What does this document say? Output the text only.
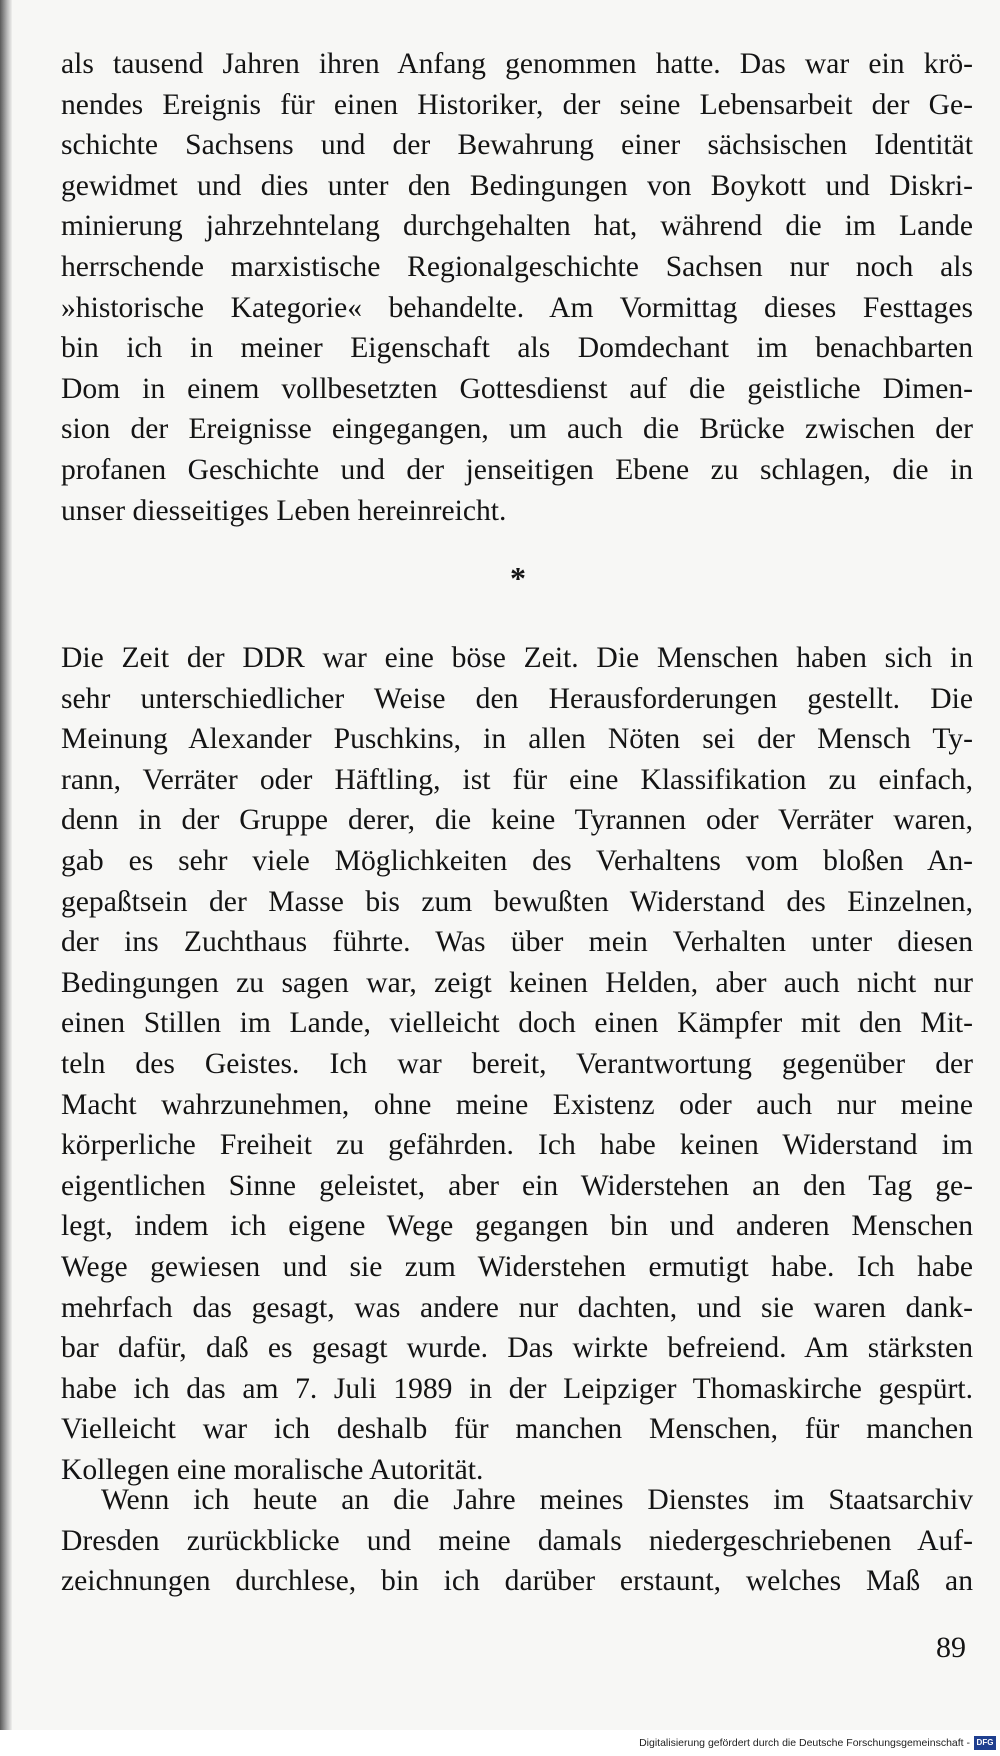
als tausend Jahren ihren Anfang genommen hatte. Das war ein krö-
nendes Ereignis für einen Historiker, der seine Lebensarbeit der Ge-
schichte Sachsens und der Bewahrung einer sächsischen Identität
gewidmet und dies unter den Bedingungen von Boykott und Diskri-
minierung jahrzehntelang durchgehalten hat, während die im Lande
herrschende marxistische Regionalgeschichte Sachsen nur noch als
»historische Kategorie« behandelte. Am Vormittag dieses Festtages
bin ich in meiner Eigenschaft als Domdechant im benachbarten
Dom in einem vollbesetzten Gottesdienst auf die geistliche Dimen-
sion der Ereignisse eingegangen, um auch die Brücke zwischen der
profanen Geschichte und der jenseitigen Ebene zu schlagen, die in
unser diesseitiges Leben hereinreicht.
*
Die Zeit der DDR war eine böse Zeit. Die Menschen haben sich in
sehr unterschiedlicher Weise den Herausforderungen gestellt. Die
Meinung Alexander Puschkins, in allen Nöten sei der Mensch Ty-
rann, Verräter oder Häftling, ist für eine Klassifikation zu einfach,
denn in der Gruppe derer, die keine Tyrannen oder Verräter waren,
gab es sehr viele Möglichkeiten des Verhaltens vom bloßen An-
gepaßtsein der Masse bis zum bewußten Widerstand des Einzelnen,
der ins Zuchthaus führte. Was über mein Verhalten unter diesen
Bedingungen zu sagen war, zeigt keinen Helden, aber auch nicht nur
einen Stillen im Lande, vielleicht doch einen Kämpfer mit den Mit-
teln des Geistes. Ich war bereit, Verantwortung gegenüber der
Macht wahrzunehmen, ohne meine Existenz oder auch nur meine
körperliche Freiheit zu gefährden. Ich habe keinen Widerstand im
eigentlichen Sinne geleistet, aber ein Widerstehen an den Tag ge-
legt, indem ich eigene Wege gegangen bin und anderen Menschen
Wege gewiesen und sie zum Widerstehen ermutigt habe. Ich habe
mehrfach das gesagt, was andere nur dachten, und sie waren dank-
bar dafür, daß es gesagt wurde. Das wirkte befreiend. Am stärksten
habe ich das am 7. Juli 1989 in der Leipziger Thomaskirche gespürt.
Vielleicht war ich deshalb für manchen Menschen, für manchen
Kollegen eine moralische Autorität.
Wenn ich heute an die Jahre meines Dienstes im Staatsarchiv
Dresden zurückblicke und meine damals niedergeschriebenen Auf-
zeichnungen durchlese, bin ich darüber erstaunt, welches Maß an
89
Digitalisierung gefördert durch die Deutsche Forschungsgemeinschaft - DFG
